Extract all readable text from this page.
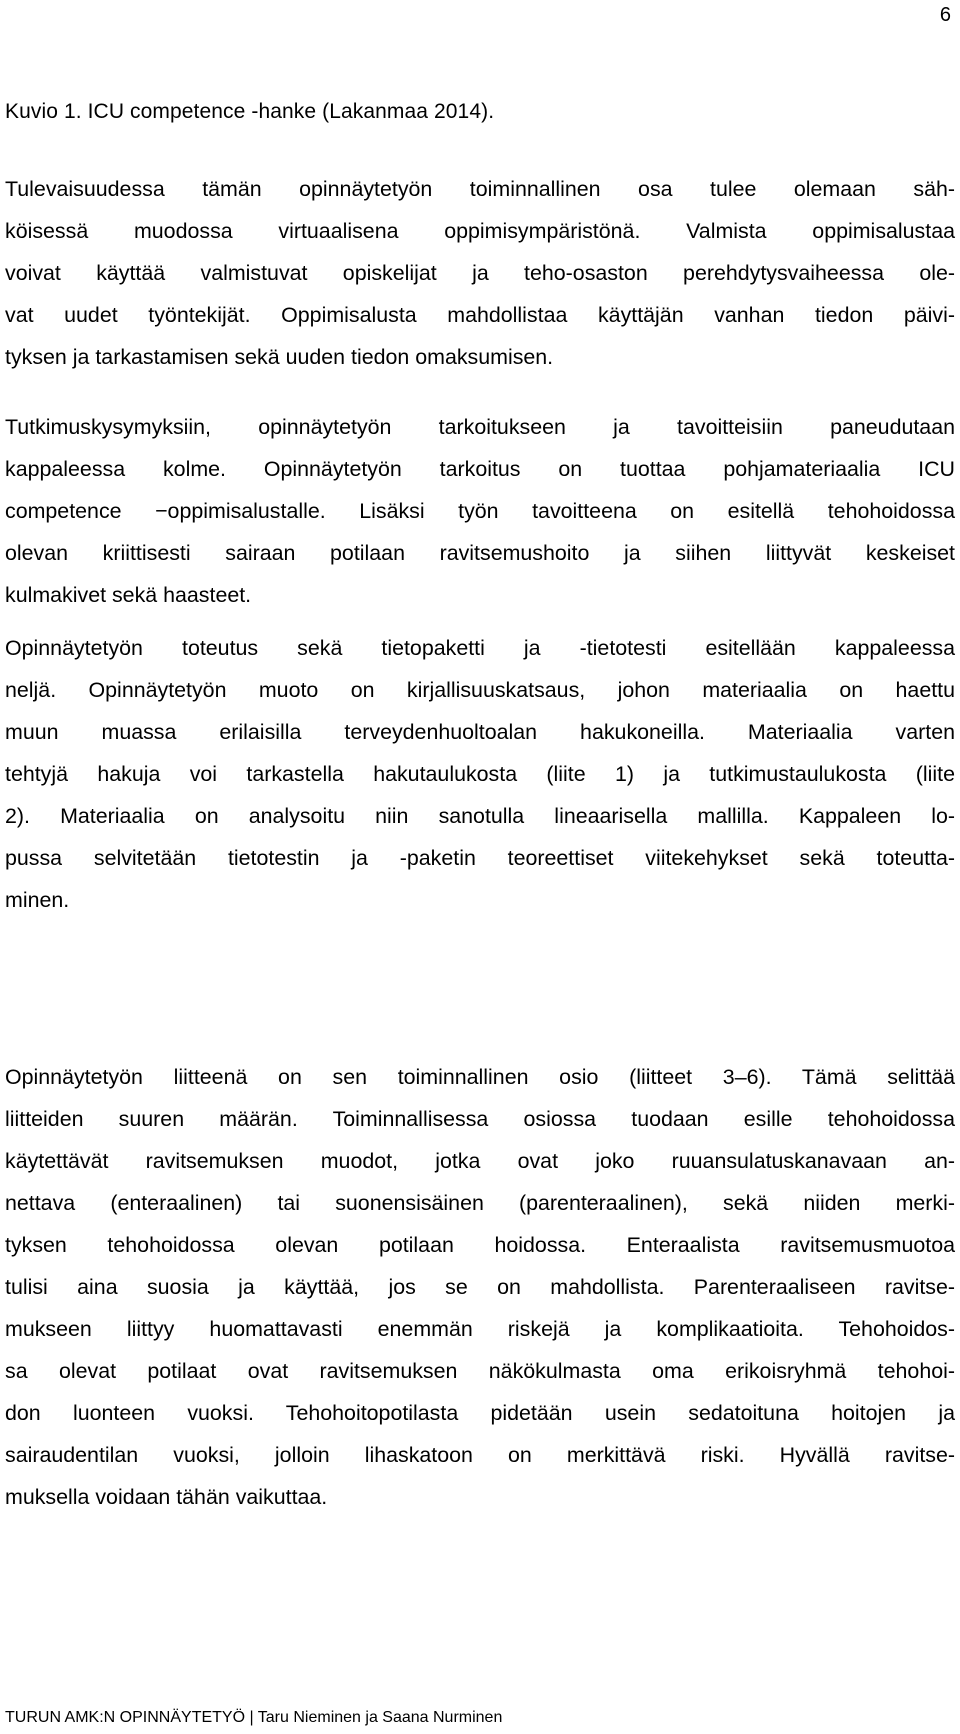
6
Kuvio 1. ICU competence -hanke (Lakanmaa 2014).
Tulevaisuudessa tämän opinnäytetyön toiminnallinen osa tulee olemaan säh-
köisessä muodossa virtuaalisena oppimisympäristönä. Valmista oppimisalustaa
voivat käyttää valmistuvat opiskelijat ja teho-osaston perehdytysvaiheessa ole-
vat uudet työntekijät. Oppimisalusta mahdollistaa käyttäjän vanhan tiedon päivi-
tyksen ja tarkastamisen sekä uuden tiedon omaksumisen.
Tutkimuskysymyksiin, opinnäytetyön tarkoitukseen ja tavoitteisiin paneudutaan
kappaleessa kolme. Opinnäytetyön tarkoitus on tuottaa pohjamateriaalia ICU
competence −oppimisalustalle. Lisäksi työn tavoitteena on esitellä tehohoidossa
olevan kriittisesti sairaan potilaan ravitsemushoito ja siihen liittyvät keskeiset
kulmakivet sekä haasteet.
Opinnäytetyön toteutus sekä tietopaketti ja -tietotesti esitellään kappaleessa
neljä. Opinnäytetyön muoto on kirjallisuuskatsaus, johon materiaalia on haettu
muun muassa erilaisilla terveydenhuoltoalan hakukoneilla. Materiaalia varten
tehtyjä hakuja voi tarkastella hakutaulukosta (liite 1) ja tutkimustaulukosta (liite
2). Materiaalia on analysoitu niin sanotulla lineaarisella mallilla. Kappaleen lo-
pussa selvitetään tietotestin ja -paketin teoreettiset viitekehykset sekä toteutta-
minen.
Opinnäytetyön liitteenä on sen toiminnallinen osio (liitteet 3–6). Tämä selittää
liitteiden suuren määrän. Toiminnallisessa osiossa tuodaan esille tehohoidossa
käytettävät ravitsemuksen muodot, jotka ovat joko ruuansulatuskanavaan an-
nettava (enteraalinen) tai suonensisäinen (parenteraalinen), sekä niiden merki-
tyksen tehohoidossa olevan potilaan hoidossa. Enteraalista ravitsemusmuotoa
tulisi aina suosia ja käyttää, jos se on mahdollista. Parenteraaliseen ravitse-
mukseen liittyy huomattavasti enemmän riskejä ja komplikaatioita. Tehohoidos-
sa olevat potilaat ovat ravitsemuksen näkökulmasta oma erikoisryhmä tehohoi-
don luonteen vuoksi. Tehohoitopotilasta pidetään usein sedatoituna hoitojen ja
sairaudentilan vuoksi, jolloin lihaskatoon on merkittävä riski. Hyvällä ravitse-
muksella voidaan tähän vaikuttaa.
TURUN AMK:N OPINNÄYTETYÖ | Taru Nieminen ja Saana Nurminen
